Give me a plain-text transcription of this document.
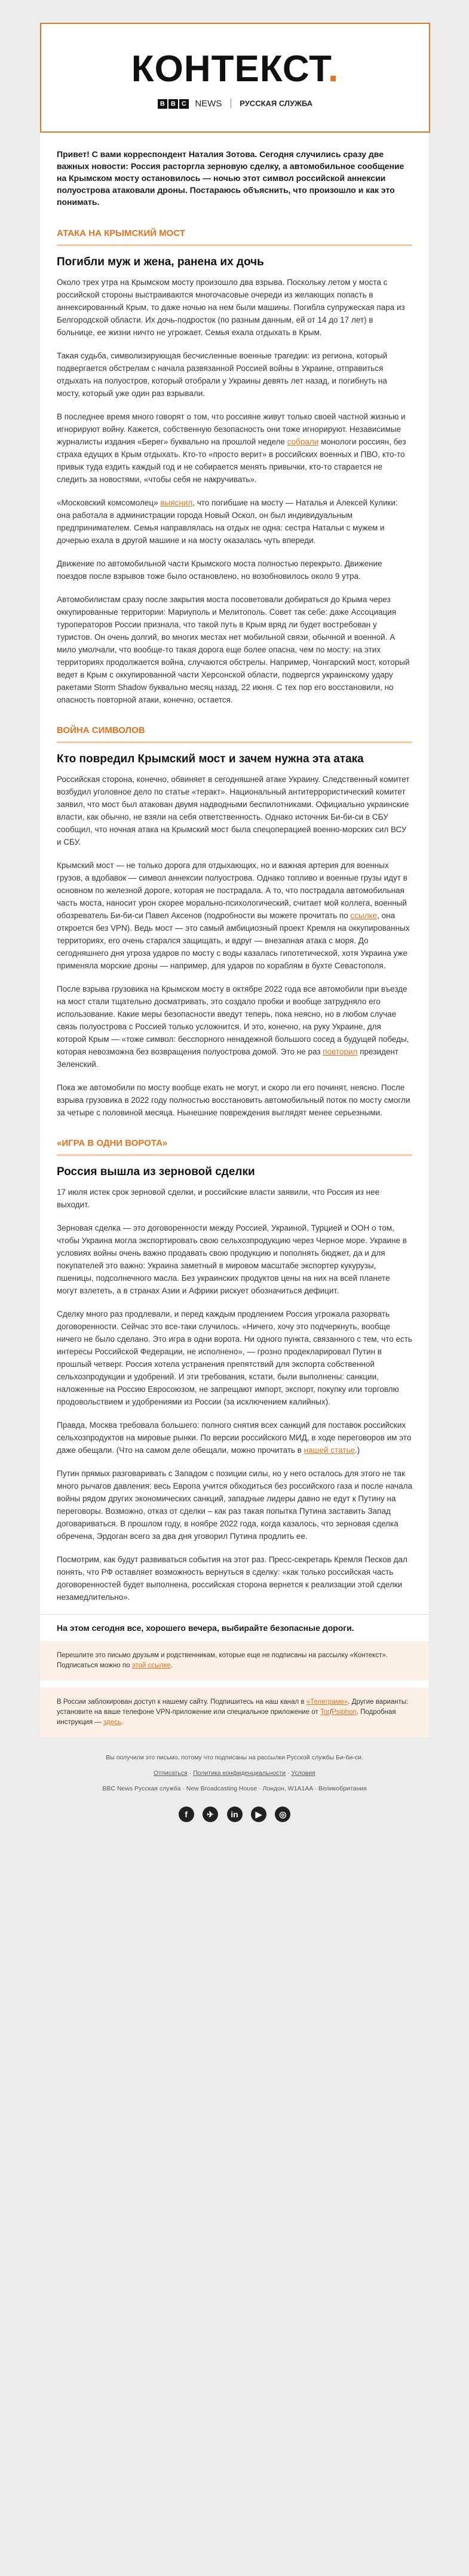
КОНТЕКСТ.
B B C NEWS РУССКАЯ СЛУЖБА
Привет! С вами корреспондент Наталия Зотова. Сегодня случились сразу две важных новости: Россия расторгла зерновую сделку, а автомобильное сообщение на Крымском мосту остановилось — ночью этот символ российской аннексии полуострова атаковали дроны. Постараюсь объяснить, что произошло и как это понимать.
АТАКА НА КРЫМСКИЙ МОСТ
Погибли муж и жена, ранена их дочь

Около трех утра на Крымском мосту произошло два взрыва. Поскольку летом у моста с российской стороны выстраиваются многочасовые очереди из желающих попасть в аннексированный Крым, то даже ночью на нем были машины. Погибла супружеская пара из Белгородской области. Их дочь-подросток (по разным данным, ей от 14 до 17 лет) в больнице, ее жизни ничто не угрожает. Семья ехала отдыхать в Крым.

Такая судьба, символизирующая бесчисленные военные трагедии: из региона, который подвергается обстрелам с начала развязанной Россией войны в Украине, отправиться отдыхать на полуостров, который отобрали у Украины девять лет назад, и погибнуть на мосту, который уже один раз взрывали.

В последнее время много говорят о том, что россияне живут только своей частной жизнью и игнорируют войну. Кажется, собственную безопасность они тоже игнорируют. Независимые журналисты издания «Берег» буквально на прошлой неделе собрали монологи россиян, без страха едущих в Крым отдыхать. Кто-то «просто верит» в российских военных и ПВО, кто-то привык туда ездить каждый год и не собирается менять привычки, кто-то старается не следить за новостями, «чтобы себя не накручивать».

«Московский комсомолец» выяснил, что погибшие на мосту — Наталья и Алексей Кулики: она работала в администрации города Новый Оскол, он был индивидуальным предпринимателем. Семья направлялась на отдых не одна: сестра Натальи с мужем и дочерью ехала в другой машине и на мосту оказалась чуть впереди.

Движение по автомобильной части Крымского моста полностью перекрыто. Движение поездов после взрывов тоже было остановлено, но возобновилось около 9 утра.

Автомобилистам сразу после закрытия моста посоветовали добираться до Крыма через оккупированные территории: Мариуполь и Мелитополь. Совет так себе: даже Ассоциация туроператоров России признала, что такой путь в Крым вряд ли будет востребован у туристов. Он очень долгий, во многих местах нет мобильной связи, обычной и военной. А мило умолчали, что вообще-то такая дорога еще более опасна, чем по мосту: на этих территориях продолжается война, случаются обстрелы. Например, Чонгарский мост, который ведет в Крым с оккупированной части Херсонской области, подвергся украинскому удару ракетами Storm Shadow буквально месяц назад, 22 июня. С тех пор его восстановили, но опасность повторной атаки, конечно, остается.

ВОЙНА СИМВОЛОВ
Кто повредил Крымский мост и зачем нужна эта атака

Российская сторона, конечно, обвиняет в сегодняшней атаке Украину. Следственный комитет возбудил уголовное дело по статье «теракт». Национальный антитеррористический комитет заявил, что мост был атакован двумя надводными беспилотниками. Официально украинские власти, как обычно, не взяли на себя ответственность. Однако источник Би-би-си в СБУ сообщил, что ночная атака на Крымский мост была спецоперацией военно-морских сил ВСУ и СБУ.

Крымский мост — не только дорога для отдыхающих, но и важная артерия для военных грузов, а вдобавок — символ аннексии полуострова. Однако топливо и военные грузы идут в основном по железной дороге, которая не пострадала. А то, что пострадала автомобильная часть моста, наносит урон скорее морально-психологический, считает мой коллега, военный обозреватель Би-би-си Павел Аксенов (подробности вы можете прочитать по ссылке, она откроется без VPN). Ведь мост — это самый амбициозный проект Кремля на оккупированных территориях, его очень старался защищать, и вдруг — внезапная атака с моря. До сегодняшнего дня угроза ударов по мосту с воды казалась гипотетической, хотя Украина уже применяла морские дроны — например, для ударов по кораблям в бухте Севастополя.

После взрыва грузовика на Крымском мосту в октябре 2022 года все автомобили при въезде на мост стали тщательно досматривать, это создало пробки и вообще затрудняло его использование. Какие меры безопасности введут теперь, пока неясно, но в любом случае связь полуострова с Россией только усложнится. И это, конечно, на руку Украине, для которой Крым — «тоже символ: бесспорного ненадежной большого сосед а будущей победы, которая невозможна без возвращения полуострова домой. Это не раз повторил президент Зеленский.

Пока же автомобили по мосту вообще ехать не могут, и скоро ли его починят, неясно. После взрыва грузовика в 2022 году полностью восстановить автомобильный поток по мосту смогли за четыре с половиной месяца. Нынешние повреждения выглядят менее серьезными.

«ИГРА В ОДНИ ВОРОТА»
Россия вышла из зерновой сделки

17 июля истек срок зерновой сделки, и российские власти заявили, что Россия из нее выходит.

Зерновая сделка — это договоренности между Россией, Украиной, Турцией и ООН о том, чтобы Украина могла экспортировать свою сельхозпродукцию через Черное море. Украине в условиях войны очень важно продавать свою продукцию и пополнять бюджет, да и для покупателей это важно: Украина заметный в мировом масштабе экспортер кукурузы, пшеницы, подсолнечного масла. Без украинских продуктов цены на них на всей планете могут взлететь, а в странах Азии и Африки рискует обозначиться дефицит.

Сделку много раз продлевали, и перед каждым продлением Россия угрожала разорвать договоренности. Сейчас это все-таки случилось. «Ничего, хочу это подчеркнуть, вообще ничего не было сделано. Это игра в одни ворота. Ни одного пункта, связанного с тем, что есть интересы Российской Федерации, не исполнено», — грозно продекларировал Путин в прошлый четверг. Россия хотела устранения препятствий для экспорта собственной сельхозпродукции и удобрений. И эти требования, кстати, были выполнены: санкции, наложенные на Россию Евросоюзом, не запрещают импорт, экспорт, покупку или торговлю продовольствием и удобрениями из России (за исключением калийных).

Правда, Москва требовала большего: полного снятия всех санкций для поставок российских сельхозпродуктов на мировые рынки. По версии российского МИД, в ходе переговоров им это даже обещали. (Что на самом деле обещали, можно прочитать в нашей статье.)

Путин прямых разговаривать с Западом с позиции силы, но у него осталось для этого не так много рычагов давления: весь Европа учится обходиться без российского газа и после начала войны рядом других экономических санкций, западные лидеры давно не едут к Путину на переговоры. Возможно, отказ от сделки – как раз такая попытка Путина заставить Запад договариваться. В прошлом году, в ноябре 2022 года, когда казалось, что зерновая сделка обречена, Эрдоган всего за два дня уговорил Путина продлить ее.

Посмотрим, как будут развиваться события на этот раз. Пресс-секретарь Кремля Песков дал понять, что РФ оставляет возможность вернуться в сделку: «как только российская часть договоренностей будет выполнена, российская сторона вернется к реализации этой сделки незамедлительно».

На этом сегодня все, хорошего вечера, выбирайте безопасные дороги.
Перешлите это письмо друзьям и родственникам, которые еще не подписаны на рассылку «Контекст». Подписаться можно по этой ссылке.
В России заблокирован доступ к нашему сайту. Подпишитесь на наш канал в «Телеграме». Другие варианты: установите на ваше телефоне VPN-приложение или специальное приложение от Tor/Psiphon. Подробная инструкция — здесь.
Вы получили это письмо, потому что подписаны на рассылки Русской службы Би-би-си.
Отписаться · Политика конфиденциальности · Условия
BBC News Русская служба · New Broadcasting House · Лондон, W1A1AA · Великобритания
f ✈ in ▶ ◎
